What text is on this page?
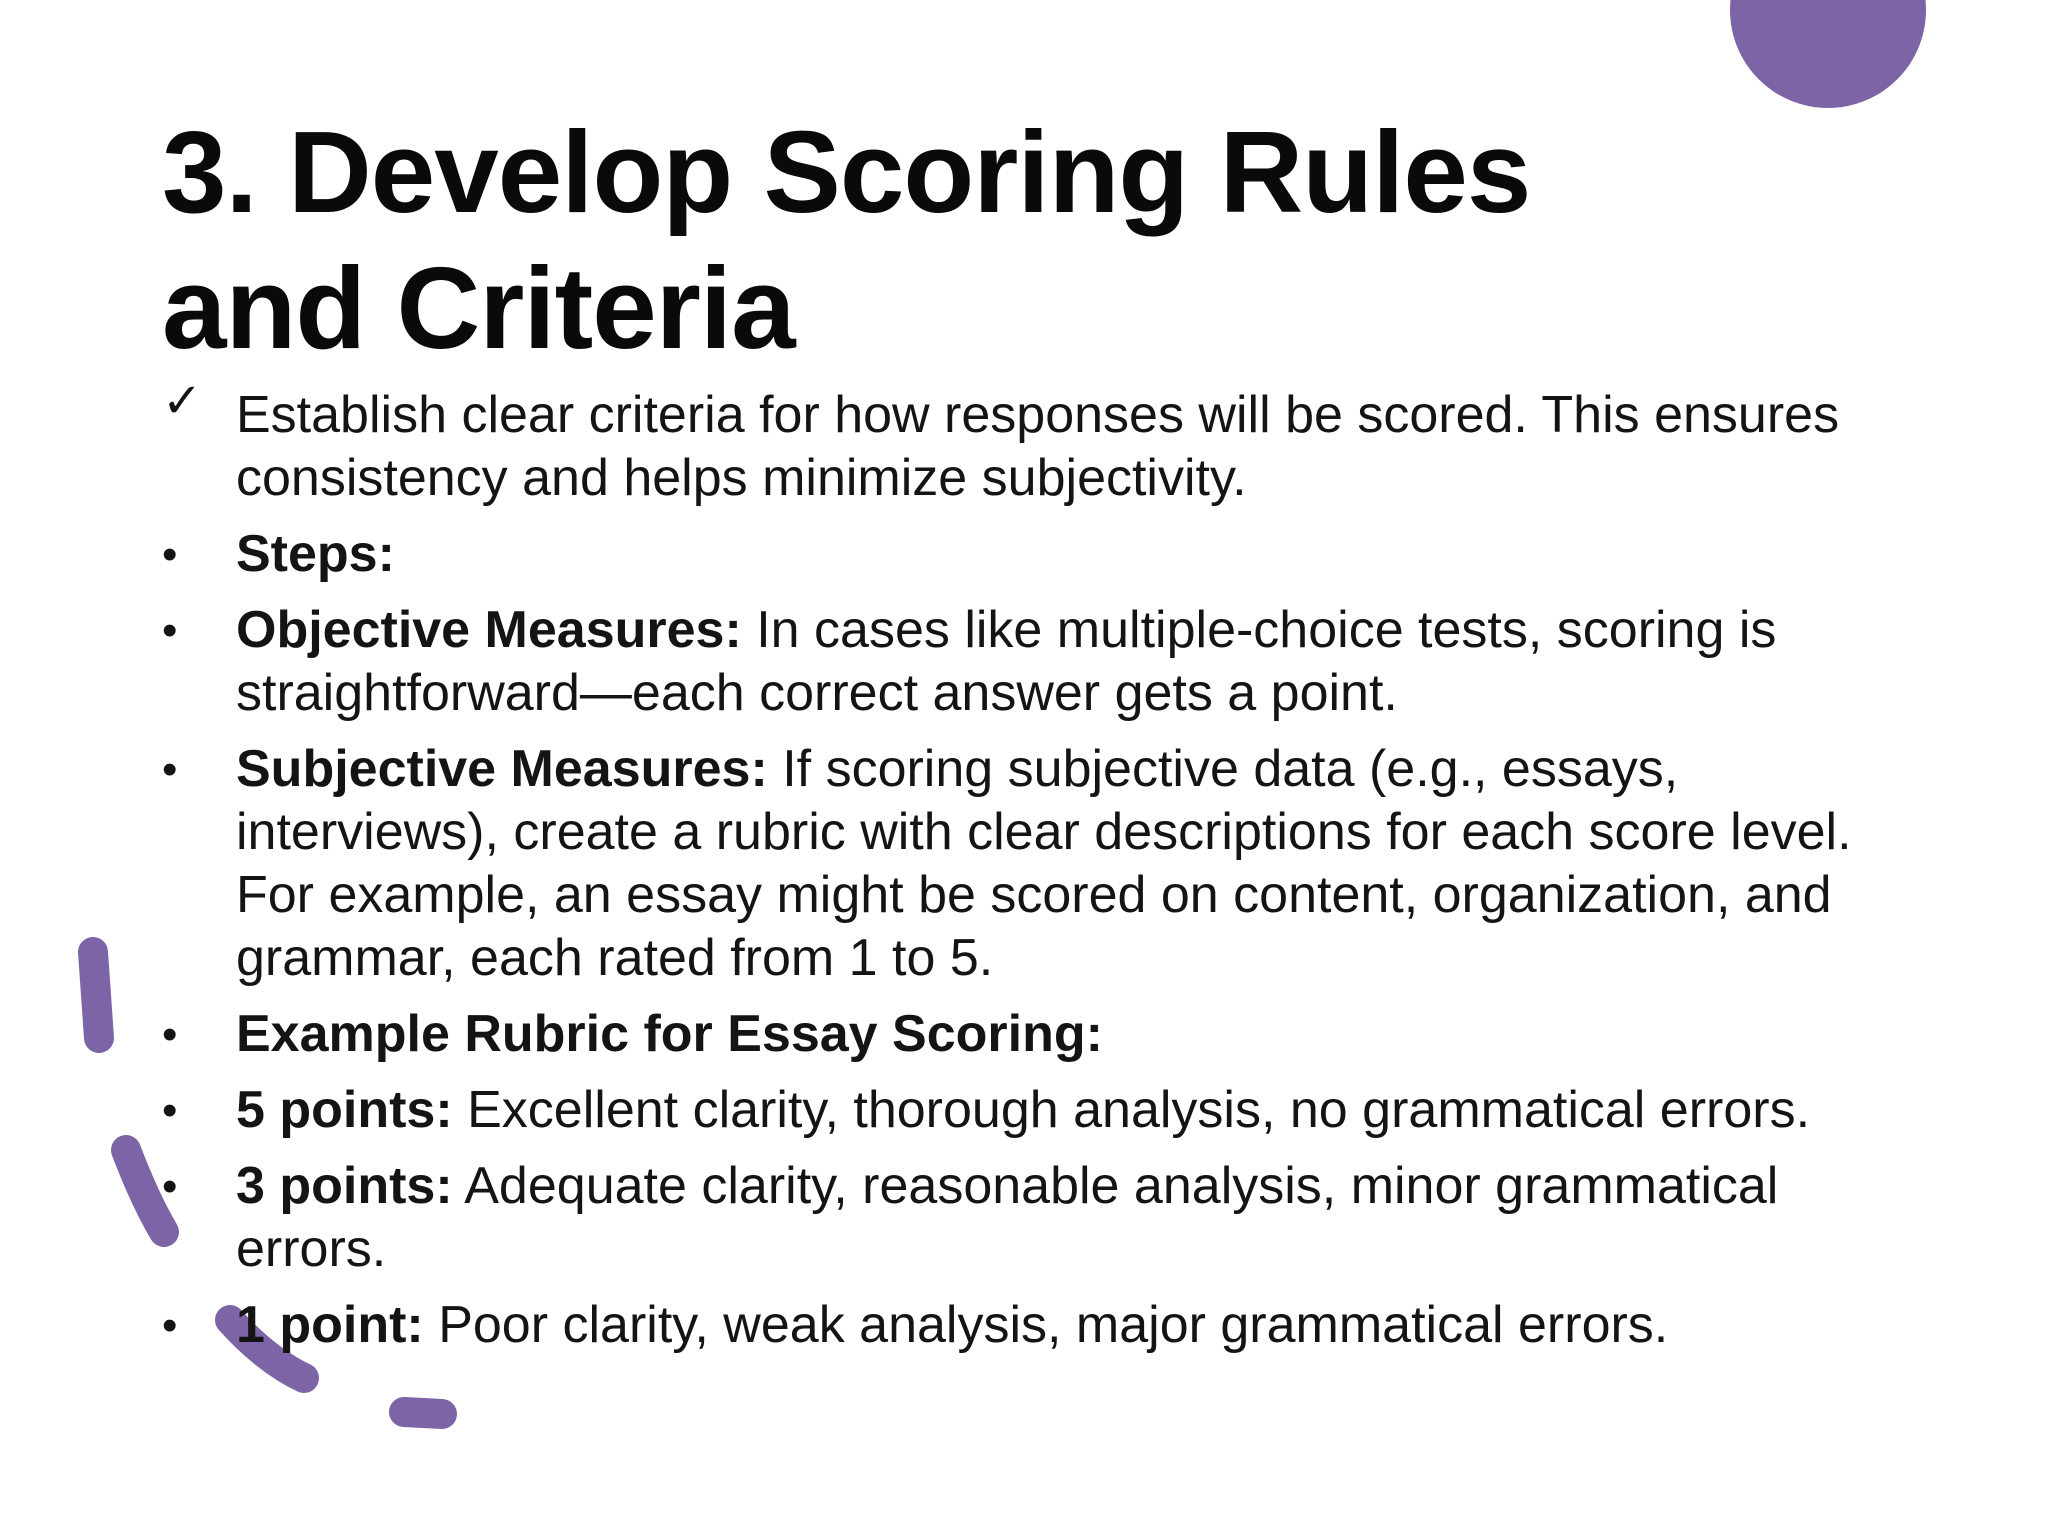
3. Develop Scoring Rules and Criteria
✓ Establish clear criteria for how responses will be scored. This ensures consistency and helps minimize subjectivity.
•	Steps:
•	Objective Measures: In cases like multiple-choice tests, scoring is straightforward—each correct answer gets a point.
•	Subjective Measures: If scoring subjective data (e.g., essays, interviews), create a rubric with clear descriptions for each score level. For example, an essay might be scored on content, organization, and grammar, each rated from 1 to 5.
•	Example Rubric for Essay Scoring:
•	5 points: Excellent clarity, thorough analysis, no grammatical errors.
•	3 points: Adequate clarity, reasonable analysis, minor grammatical errors.
•	1 point: Poor clarity, weak analysis, major grammatical errors.
